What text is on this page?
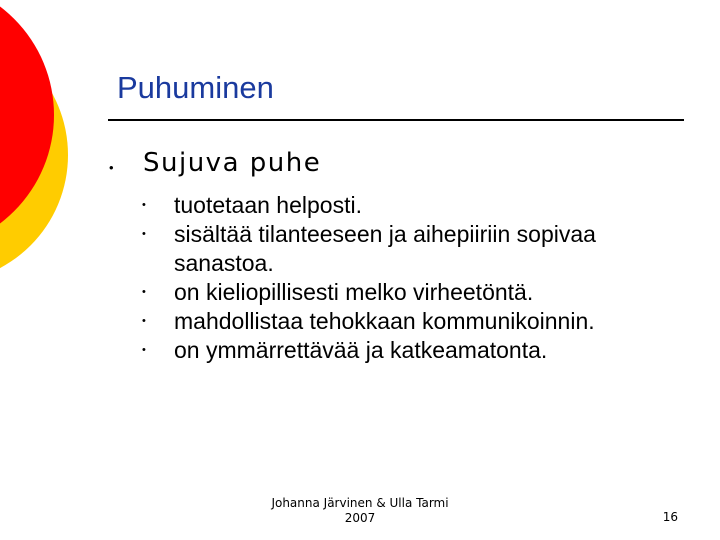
Puhuminen
• Sujuva puhe
• tuotetaan helposti.
• sisältää tilanteeseen ja aihepiiriin sopivaa sanastoa.
• on kieliopillisesti melko virheetöntä.
• mahdollistaa tehokkaan kommunikoinnin.
• on ymmärrettävää ja katkeamatonta.
Johanna Järvinen & Ulla Tarmi
2007	16
